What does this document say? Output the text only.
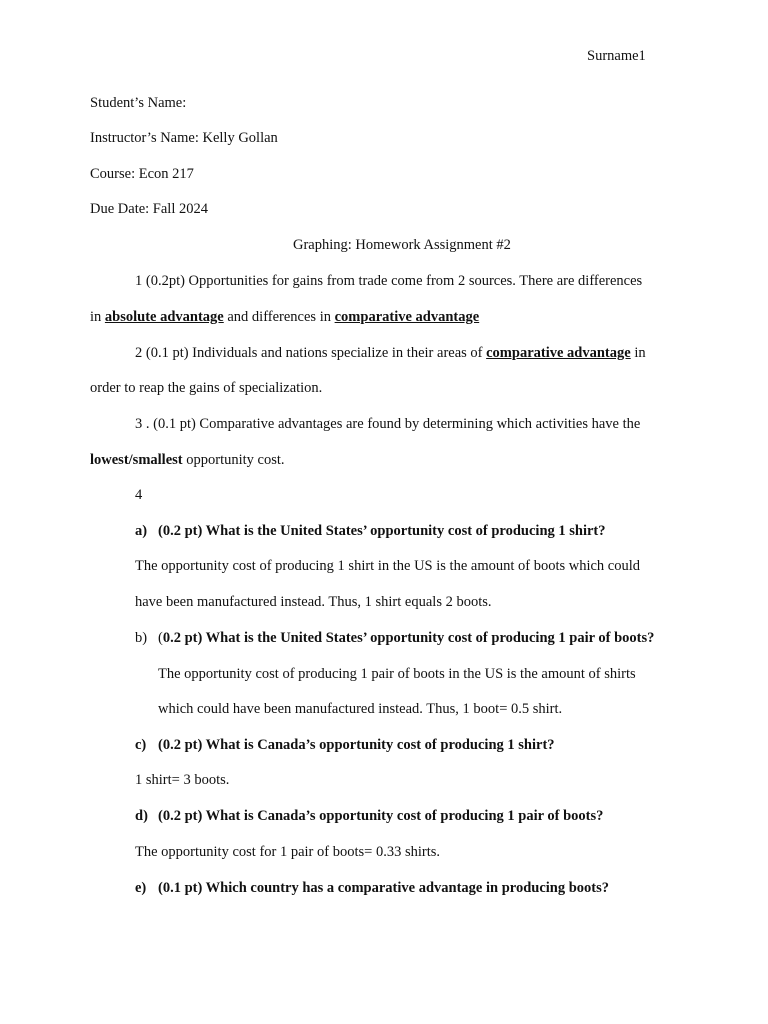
Surname1
Student’s Name:
Instructor’s Name: Kelly Gollan
Course: Econ 217
Due Date: Fall 2024
Graphing: Homework Assignment #2
1 (0.2pt) Opportunities for gains from trade come from 2 sources. There are differences
in absolute advantage and differences in comparative advantage
2 (0.1 pt) Individuals and nations specialize in their areas of comparative advantage in
order to reap the gains of specialization.
3 . (0.1 pt) Comparative advantages are found by determining which activities have the
lowest/smallest opportunity cost.
4
a) (0.2 pt) What is the United States’ opportunity cost of producing 1 shirt?
The opportunity cost of producing 1 shirt in the US is the amount of boots which could
have been manufactured instead. Thus, 1 shirt equals 2 boots.
b) (0.2 pt) What is the United States’ opportunity cost of producing 1 pair of boots?
The opportunity cost of producing 1 pair of boots in the US is the amount of shirts
which could have been manufactured instead. Thus, 1 boot= 0.5 shirt.
c) (0.2 pt) What is Canada’s opportunity cost of producing 1 shirt?
1 shirt= 3 boots.
d) (0.2 pt) What is Canada’s opportunity cost of producing 1 pair of boots?
The opportunity cost for 1 pair of boots= 0.33 shirts.
e) (0.1 pt) Which country has a comparative advantage in producing boots?
